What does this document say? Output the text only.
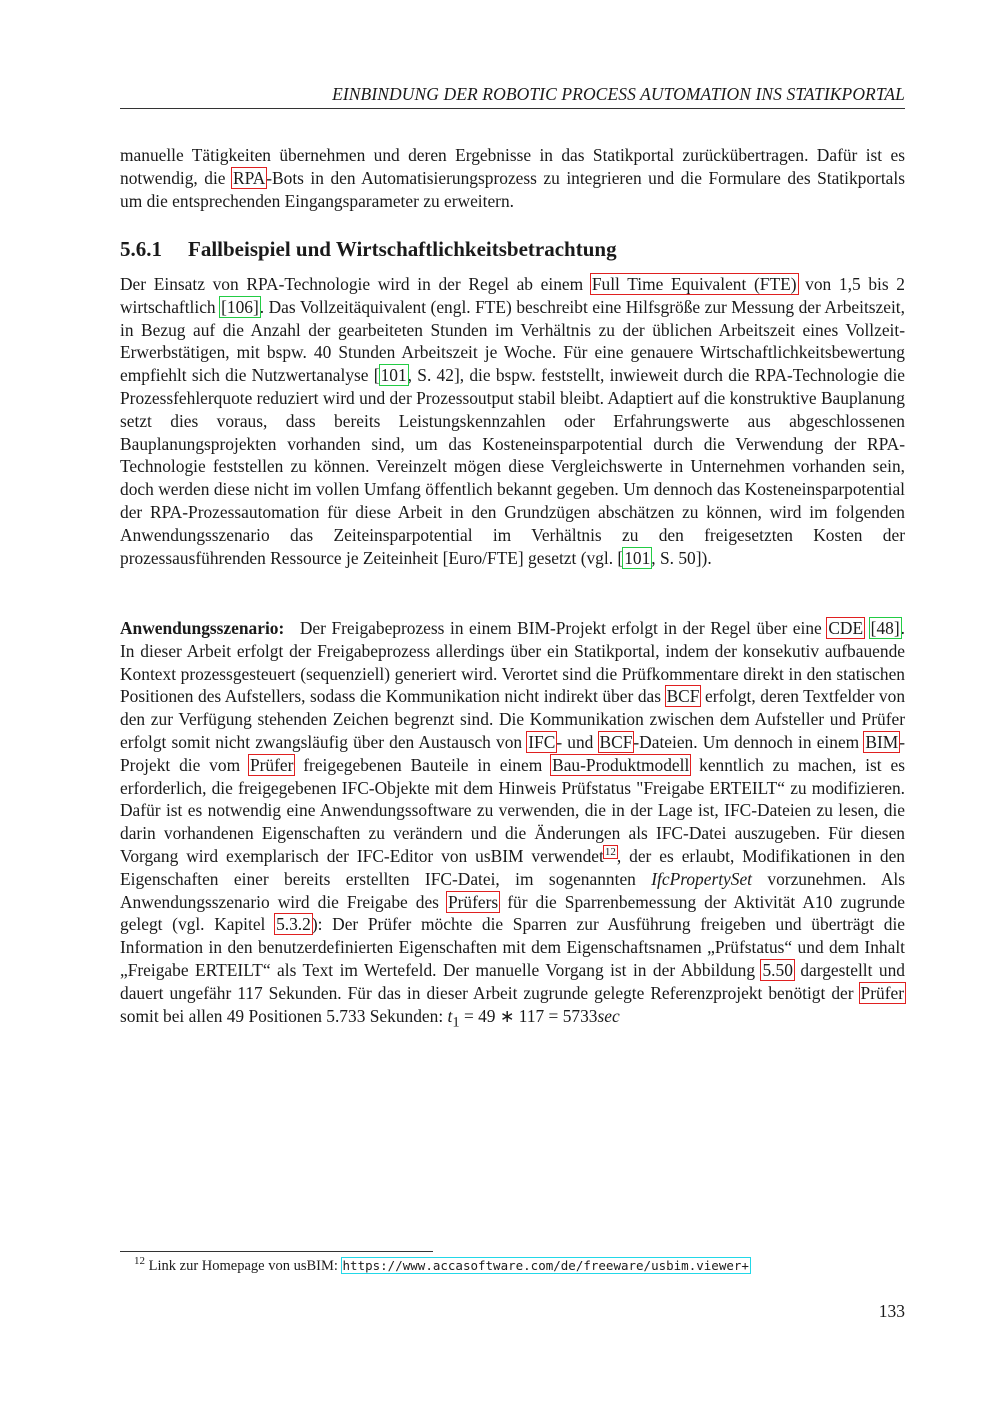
EINBINDUNG DER ROBOTIC PROCESS AUTOMATION INS STATIKPORTAL

manuelle Tätigkeiten übernehmen und deren Ergebnisse in das Statikportal zurückübertragen. Dafür ist es notwendig, die RPA-Bots in den Automatisierungsprozess zu integrieren und die Formulare des Statikportals um die entsprechenden Eingangsparameter zu erweitern.

5.6.1 Fallbeispiel und Wirtschaftlichkeitsbetrachtung

Der Einsatz von RPA-Technologie wird in der Regel ab einem Full Time Equivalent (FTE) von 1,5 bis 2 wirtschaftlich [106]. Das Vollzeitäquivalent (engl. FTE) beschreibt eine Hilfsgröße zur Messung der Arbeitszeit, in Bezug auf die Anzahl der gearbeiteten Stunden im Verhältnis zu der üblichen Arbeitszeit eines Vollzeit-Erwerbstätigen, mit bspw. 40 Stunden Arbeitszeit je Woche. Für eine genauere Wirtschaftlichkeitsbewertung empfiehlt sich die Nutzwertanalyse [101, S. 42], die bspw. feststellt, inwieweit durch die RPA-Technologie die Prozessfehlerquote reduziert wird und der Prozessoutput stabil bleibt. Adaptiert auf die konstruktive Bauplanung setzt dies voraus, dass bereits Leistungskennzahlen oder Erfahrungswerte aus abgeschlossenen Bauplanungsprojekten vorhanden sind, um das Kosteneinsparpotential durch die Verwendung der RPA-Technologie feststellen zu können. Vereinzelt mögen diese Vergleichswerte in Unternehmen vorhanden sein, doch werden diese nicht im vollen Umfang öffentlich bekannt gegeben. Um dennoch das Kosteneinsparpotential der RPA-Prozessautomation für diese Arbeit in den Grundzügen abschätzen zu können, wird im folgenden Anwendungsszenario das Zeiteinsparpotential im Verhältnis zu den freigesetzten Kosten der prozessausführenden Ressource je Zeiteinheit [Euro/FTE] gesetzt (vgl. [101, S. 50]).

Anwendungsszenario: Der Freigabeprozess in einem BIM-Projekt erfolgt in der Regel über eine CDE [48]. In dieser Arbeit erfolgt der Freigabeprozess allerdings über ein Statikportal, indem der konsekutiv aufbauende Kontext prozessgesteuert (sequenziell) generiert wird. Verortet sind die Prüfkommentare direkt in den statischen Positionen des Aufstellers, sodass die Kommunikation nicht indirekt über das BCF erfolgt, deren Textfelder von den zur Verfügung stehenden Zeichen begrenzt sind. Die Kommunikation zwischen dem Aufsteller und Prüfer erfolgt somit nicht zwangsläufig über den Austausch von IFC- und BCF-Dateien. Um dennoch in einem BIM-Projekt die vom Prüfer freigegebenen Bauteile in einem Bau-Produktmodell kenntlich zu machen, ist es erforderlich, die freigegebenen IFC-Objekte mit dem Hinweis Prüfstatus "Freigabe ERTEILT“ zu modifizieren. Dafür ist es notwendig eine Anwendungssoftware zu verwenden, die in der Lage ist, IFC-Dateien zu lesen, die darin vorhandenen Eigenschaften zu verändern und die Änderungen als IFC-Datei auszugeben. Für diesen Vorgang wird exemplarisch der IFC-Editor von usBIM verwendet$^{12}$, der es erlaubt, Modifikationen in den Eigenschaften einer bereits erstellten IFC-Datei, im sogenannten IfcPropertySet vorzunehmen. Als Anwendungsszenario wird die Freigabe des Prüfers für die Sparrenbemessung der Aktivität A10 zugrunde gelegt (vgl. Kapitel 5.3.2): Der Prüfer möchte die Sparren zur Ausführung freigeben und überträgt die Information in den benutzerdefinierten Eigenschaften mit dem Eigenschaftsnamen „Prüfstatus“ und dem Inhalt „Freigabe ERTEILT“ als Text im Wertefeld. Der manuelle Vorgang ist in der Abbildung 5.50 dargestellt und dauert ungefähr 117 Sekunden. Für das in dieser Arbeit zugrunde gelegte Referenzprojekt benötigt der Prüfer somit bei allen 49 Positionen 5.733 Sekunden: $t_1 = 49$ ∗ 117 = 5733sec

$^{12}$ Link zur Homepage von usBIM: https://www.accasoftware.com/de/freeware/usbim.viewer+
133
